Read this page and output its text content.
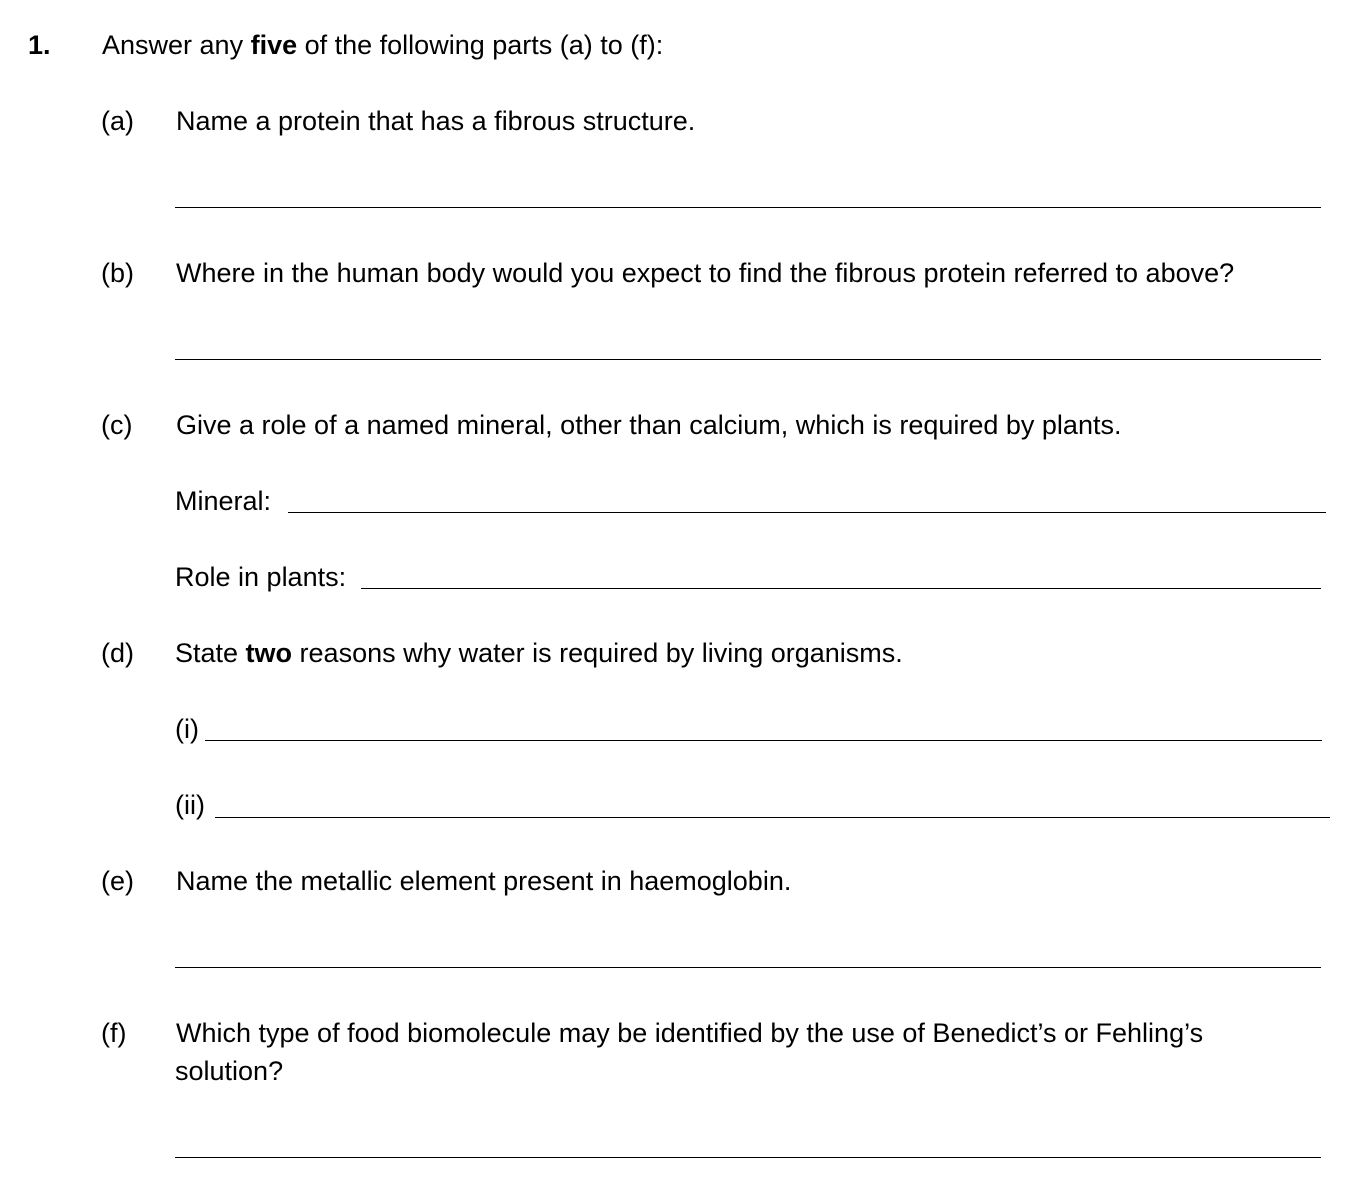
1. Answer any five of the following parts (a) to (f):
(a) Name a protein that has a fibrous structure.
(b) Where in the human body would you expect to find the fibrous protein referred to above?
(c) Give a role of a named mineral, other than calcium, which is required by plants.
Mineral:
Role in plants:
(d) State two reasons why water is required by living organisms.
(i)
(ii)
(e) Name the metallic element present in haemoglobin.
(f) Which type of food biomolecule may be identified by the use of Benedict’s or Fehling’s
solution?
